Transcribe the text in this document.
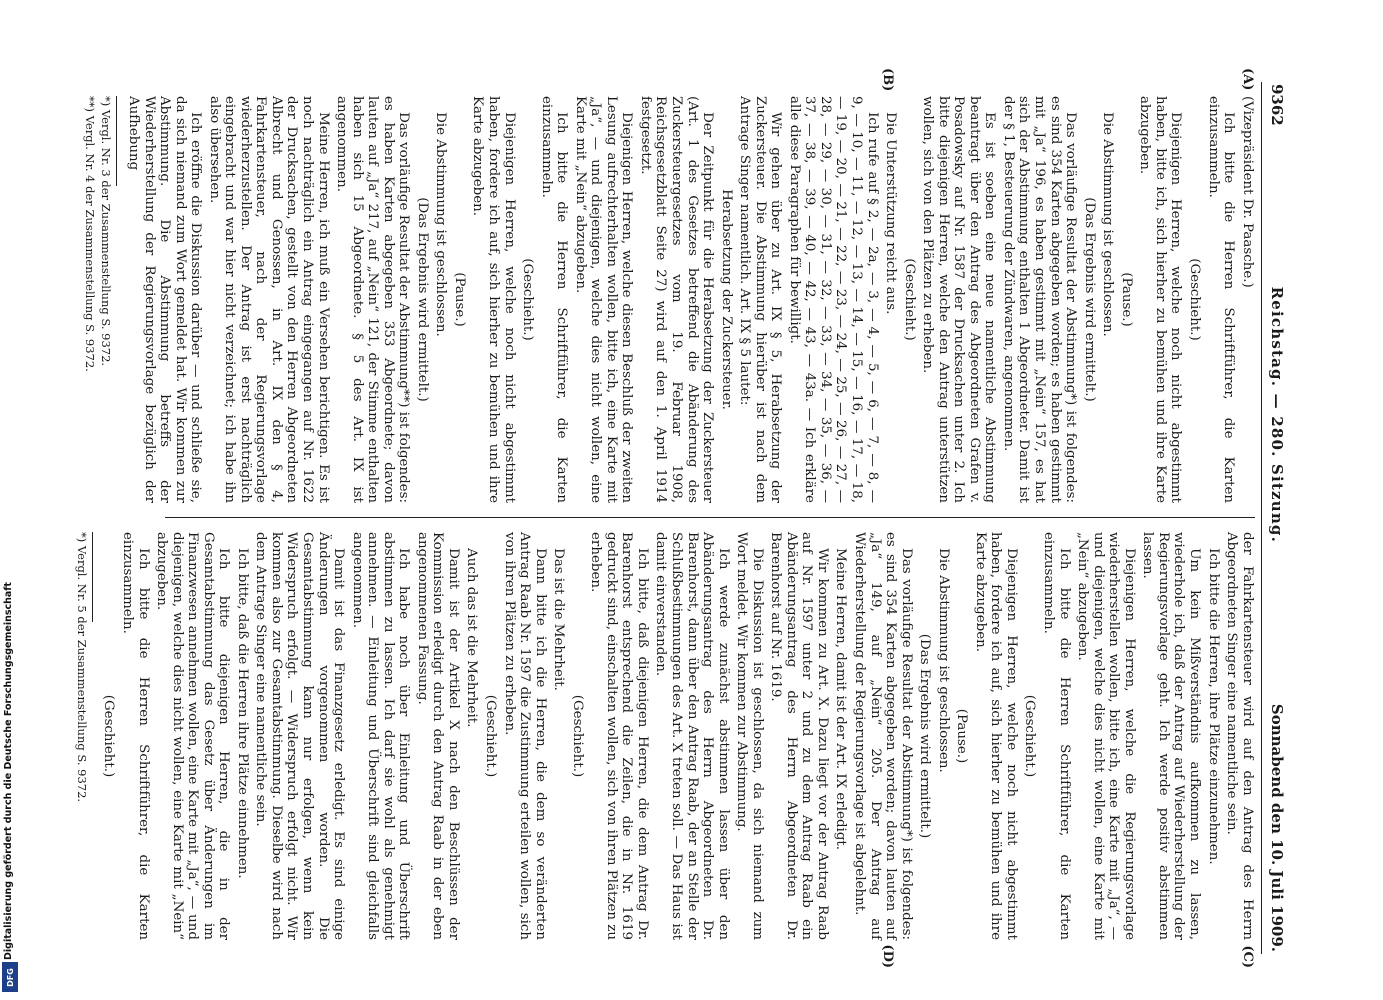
9362
Reichstag. — 280. Sitzung.
Sonnabend den 10. Juli 1909.
(A)
(B)

(Vizepräsident Dr. Paasche.)

Ich bitte die Herren Schriftführer, die Karten einzusammeln.

(Geschieht.)

Diejenigen Herren, welche noch nicht abgestimmt haben, bitte ich, sich hierher zu bemühen und ihre Karte abzugeben.

(Pause.)

Die Abstimmung ist geschlossen.

(Das Ergebnis wird ermittelt.)

Das vorläufige Resultat der Abstimmung*) ist folgendes: es sind 354 Karten abgegeben worden; es haben gestimmt mit „Ja“ 196, es haben gestimmt mit „Nein“ 157, es hat sich der Abstimmung enthalten 1 Abgeordneter. Damit ist der § 1, Besteuerung der Zündwaren, angenommen.

Es ist soeben eine neue namentliche Abstimmung beantragt über den Antrag des Abgeordneten Grafen v. Posadowsky auf Nr. 1587 der Drucksachen unter 2. Ich bitte diejenigen Herren, welche den Antrag unterstützen wollen, sich von den Plätzen zu erheben.

(Geschieht.)

Die Unterstützung reicht aus.

Ich rufe auf § 2, — 2a, — 3, — 4, — 5, — 6, — 7, — 8, — 9, — 10, — 11, — 12, — 13, — 14, — 15, — 16, — 17, — 18, — 19, — 20, — 21, — 22, — 23, — 24, — 25, — 26, — 27, — 28, — 29, — 30, — 31, — 32, — 33, — 34, — 35, — 36, — 37, — 38, — 39, — 40, — 42, — 43, — 43a. — Ich erkläre alle diese Paragraphen für bewilligt.

Wir gehen über zu Art. IX § 5, Herabsetzung der Zuckersteuer. Die Abstimmung hierüber ist nach dem Antrage Singer namentlich. Art. IX § 5 lautet:

Herabsetzung der Zuckersteuer.

Der Zeitpunkt für die Herabsetzung der Zuckersteuer (Art. 1 des Gesetzes betreffend die Abänderung des Zuckersteuergesetzes vom 19. Februar 1908, Reichsgesetzblatt Seite 27) wird auf den 1. April 1914 festgesetzt.

Diejenigen Herren, welche diesen Beschluß der zweiten Lesung aufrechterhalten wollen, bitte ich, eine Karte mit „Ja“, — und diejenigen, welche dies nicht wollen, eine Karte mit „Nein“ abzugeben.

Ich bitte die Herren Schriftführer, die Karten einzusammeln.

(Geschieht.)

Diejenigen Herren, welche noch nicht abgestimmt haben, fordere ich auf, sich hierher zu bemühen und ihre Karte abzugeben.

(Pause.)

Die Abstimmung ist geschlossen.

(Das Ergebnis wird ermittelt.)

Das vorläufige Resultat der Abstimmung**) ist folgendes: es haben Karten abgegeben 353 Abgeordnete; davon lauten auf „Ja“ 217, auf „Nein“ 121, der Stimme enthalten haben sich 15 Abgeordnete. § 5 des Art. IX ist angenommen.

Meine Herren, ich muß ein Versehen berichtigen. Es ist noch nachträglich ein Antrag eingegangen auf Nr. 1622 der Drucksachen, gestellt von den Herren Abgeordneten Albrecht und Genossen, in Art. IX den § 4, Fahrkartensteuer, nach der Regierungsvorlage wiederherzustellen. Der Antrag ist erst nachträglich eingebracht und war hier nicht verzeichnet; ich habe ihn also übersehen.

Ich eröffne die Diskussion darüber — und schließe sie, da sich niemand zum Wort gemeldet hat. Wir kommen zur Abstimmung. Die Abstimmung betreffs der Wiederherstellung der Regierungsvorlage bezüglich der Aufhebung

*) Vergl. Nr. 3 der Zusammenstellung S. 9372.

**) Vergl. Nr. 4 der Zusammenstellung S. 9372.

(C)
(D)

der Fahrkartensteuer wird auf den Antrag des Herrn Abgeordneten Singer eine namentliche sein.

Ich bitte die Herren, ihre Plätze einzunehmen.

Um kein Mißverständnis aufkommen zu lassen, wiederhole ich, daß der Antrag auf Wiederherstellung der Regierungsvorlage geht. Ich werde positiv abstimmen lassen.

Diejenigen Herren, welche die Regierungsvorlage wiederherstellen wollen, bitte ich, eine Karte mit „Ja“, — und diejenigen, welche dies nicht wollen, eine Karte mit „Nein“ abzugeben.

Ich bitte die Herren Schriftführer, die Karten einzusammeln.

(Geschieht.)

Diejenigen Herren, welche noch nicht abgestimmt haben, fordere ich auf, sich hierher zu bemühen und ihre Karte abzugeben.

(Pause.)

Die Abstimmung ist geschlossen.

(Das Ergebnis wird ermittelt.)

Das vorläufige Resultat der Abstimmung*) ist folgendes: es sind 354 Karten abgegeben worden; davon lauten auf „Ja“ 149, auf „Nein“ 205. Der Antrag auf Wiederherstellung der Regierungsvorlage ist abgelehnt.

Meine Herren, damit ist der Art. IX erledigt.

Wir kommen zu Art. X. Dazu liegt vor der Antrag Raab auf Nr. 1597 unter 2 und zu dem Antrag Raab ein Abänderungsantrag des Herrn Abgeordneten Dr. Barenhorst auf Nr. 1619.

Die Diskussion ist geschlossen, da sich niemand zum Wort meldet. Wir kommen zur Abstimmung.

Ich werde zunächst abstimmen lassen über den Abänderungsantrag des Herrn Abgeordneten Dr. Barenhorst, dann über den Antrag Raab, der an Stelle der Schlußbestimmungen des Art. X treten soll. — Das Haus ist damit einverstanden.

Ich bitte, daß diejenigen Herren, die dem Antrag Dr. Barenhorst entsprechend die Zeilen, die in Nr. 1619 gedruckt sind, einschalten wollen, sich von ihren Plätzen zu erheben.

(Geschieht.)

Das ist die Mehrheit.

Dann bitte ich die Herren, die dem so veränderten Antrag Raab Nr. 1597 die Zustimmung erteilen wollen, sich von ihren Plätzen zu erheben.

(Geschieht.)

Auch das ist die Mehrheit.

Damit ist der Artikel X nach den Beschlüssen der Kommission erledigt durch den Antrag Raab in der eben angenommenen Fassung.

Ich habe noch über Einleitung und Überschrift abstimmen zu lassen. Ich darf sie wohl als genehmigt annehmen. — Einleitung und Überschrift sind gleichfalls angenommen.

Damit ist das Finanzgesetz erledigt. Es sind einige Änderungen vorgenommen worden. Die Gesamtabstimmung kann nur erfolgen, wenn kein Widerspruch erfolgt. — Widerspruch erfolgt nicht. Wir kommen also zur Gesamtabstimmung. Dieselbe wird nach dem Antrage Singer eine namentliche sein.

Ich bitte, daß die Herren ihre Plätze einnehmen.

Ich bitte diejenigen Herren, die in der Gesamtabstimmung das Gesetz über Änderungen im Finanzwesen annehmen wollen, eine Karte mit „Ja“, — und diejenigen, welche dies nicht wollen, eine Karte mit „Nein“ abzugeben.

Ich bitte die Herren Schriftführer, die Karten einzusammeln.

(Geschieht.)

*) Vergl. Nr. 5 der Zusammenstellung S. 9372.

Digitalisierung gefördert durch die Deutsche Forschungsgemeinschaft
DFG
